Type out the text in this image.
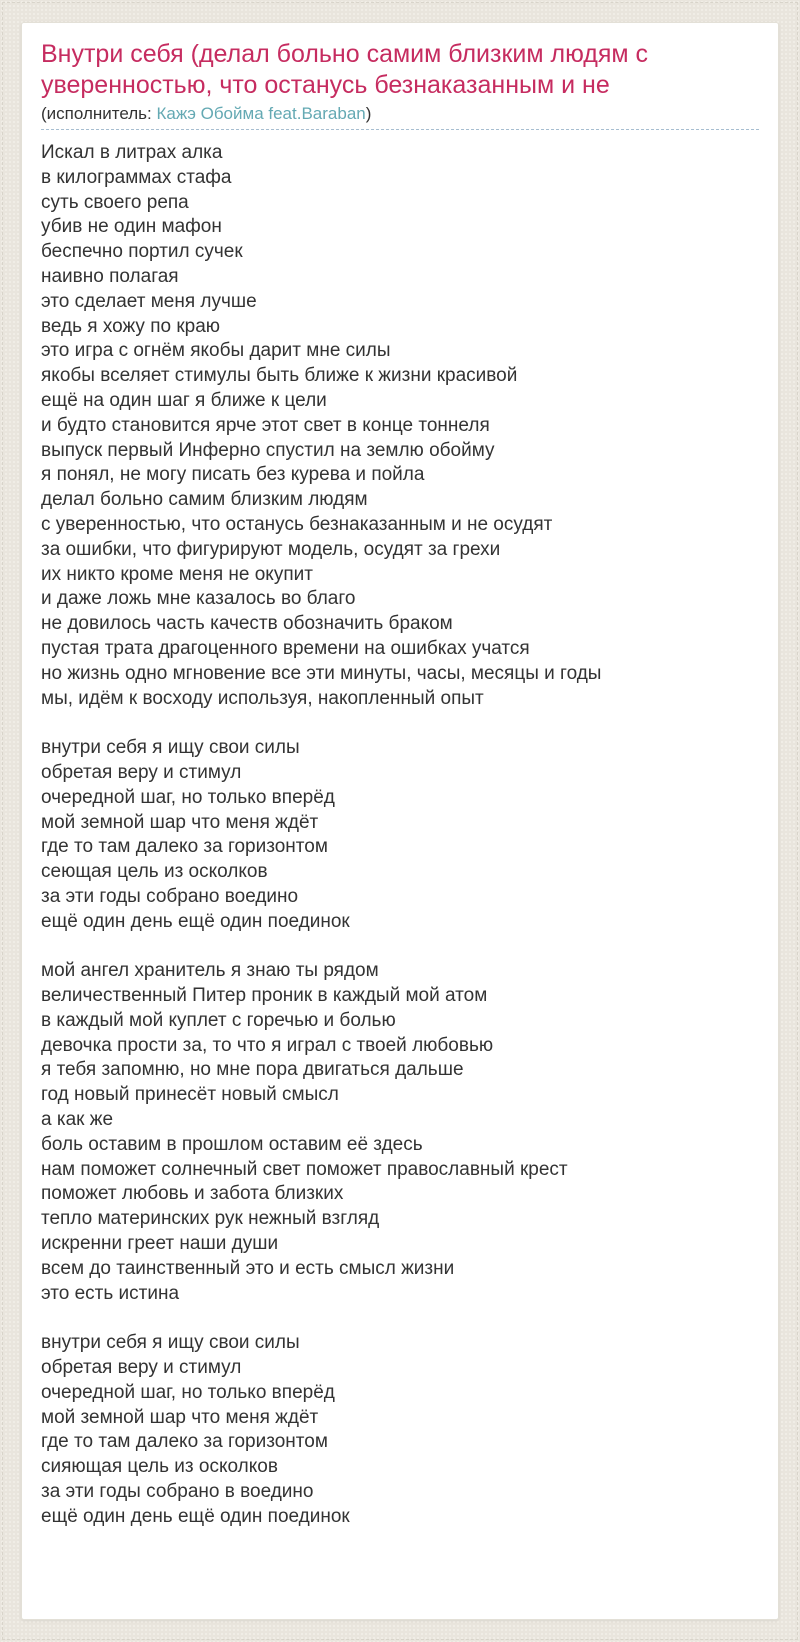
Внутри себя (делал больно самим близким людям с уверенностью, что останусь безнаказанным и не
(исполнитель: Кажэ Обойма feat.Baraban)
Искал в литрах алка
в килограммах стафа
суть своего репа
убив не один мафон
беспечно портил сучек
наивно полагая
это сделает меня лучше
ведь я хожу по краю
это игра с огнём якобы дарит мне силы
якобы вселяет стимулы быть ближе к жизни красивой
ещё на один шаг я ближе к цели
и будто становится ярче этот свет в конце тоннеля
выпуск первый Инферно спустил на землю обойму
я понял, не могу писать без курева и пойла
делал больно самим близким людям
с уверенностью, что останусь безнаказанным и не осудят
за ошибки, что фигурируют модель, осудят за грехи
их никто кроме меня не окупит
и даже ложь мне казалось во благо
не довилось часть качеств обозначить браком
пустая трата драгоценного времени на ошибках учатся
но жизнь одно мгновение все эти минуты, часы, месяцы и годы
мы, идём к восходу используя, накопленный опыт

внутри себя я ищу свои силы
обретая веру и стимул
очередной шаг, но только вперёд
мой земной шар что меня ждёт
где то там далеко за горизонтом
сеющая цель из осколков
за эти годы собрано воедино
ещё один день ещё один поединок

мой ангел хранитель я знаю ты рядом
величественный Питер проник в каждый мой атом
в каждый мой куплет с горечью и болью
девочка прости за, то что я играл с твоей любовью
я тебя запомню, но мне пора двигаться дальше
год новый принесёт новый смысл
а как же
боль оставим в прошлом оставим её здесь
нам поможет солнечный свет поможет православный крест
поможет любовь и забота близких
тепло материнских рук нежный взгляд
искренни греет наши души
всем до таинственный это и есть смысл жизни
это есть истина

внутри себя я ищу свои силы
обретая веру и стимул
очередной шаг, но только вперёд
мой земной шар что меня ждёт
где то там далеко за горизонтом
сияющая цель из осколков
за эти годы собрано в воедино
ещё один день ещё один поединок
